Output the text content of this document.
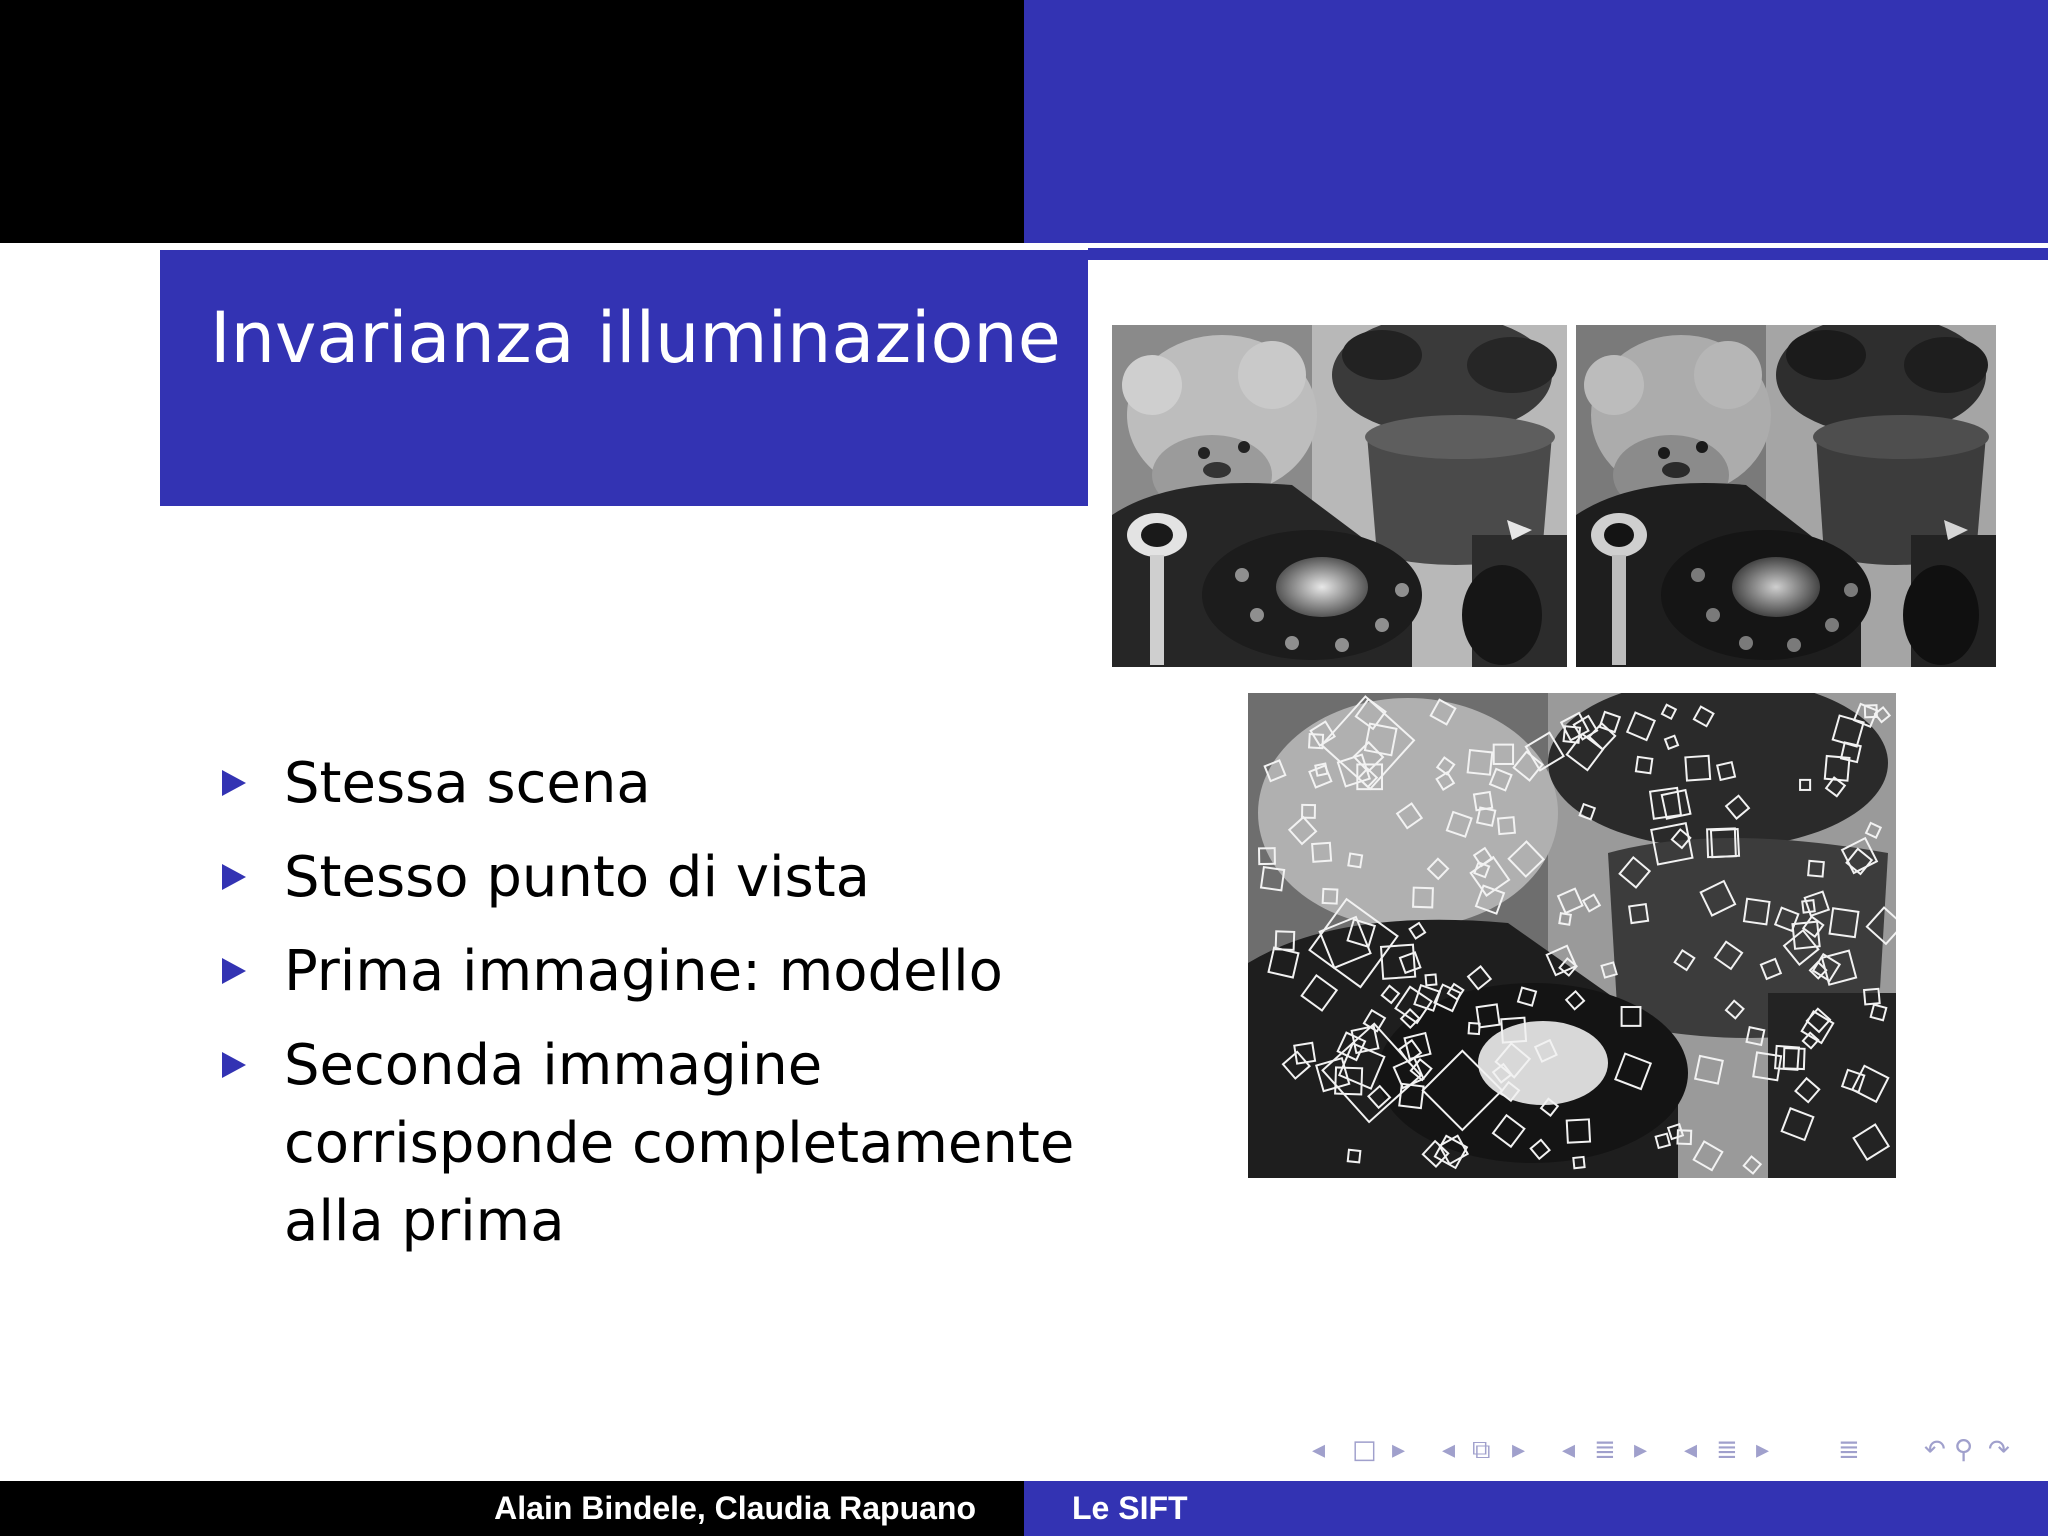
Invarianza illuminazione
Stessa scena
Stesso punto di vista
Prima immagine: modello
Seconda immagine corrisponde completamente alla prima
◂ □ ▸ ◂ ⧉ ▸ ◂ ≣ ▸ ◂ ≣ ▸	≣ ↶ ⚲ ↷
Alain Bindele, Claudia Rapuano	Le SIFT
